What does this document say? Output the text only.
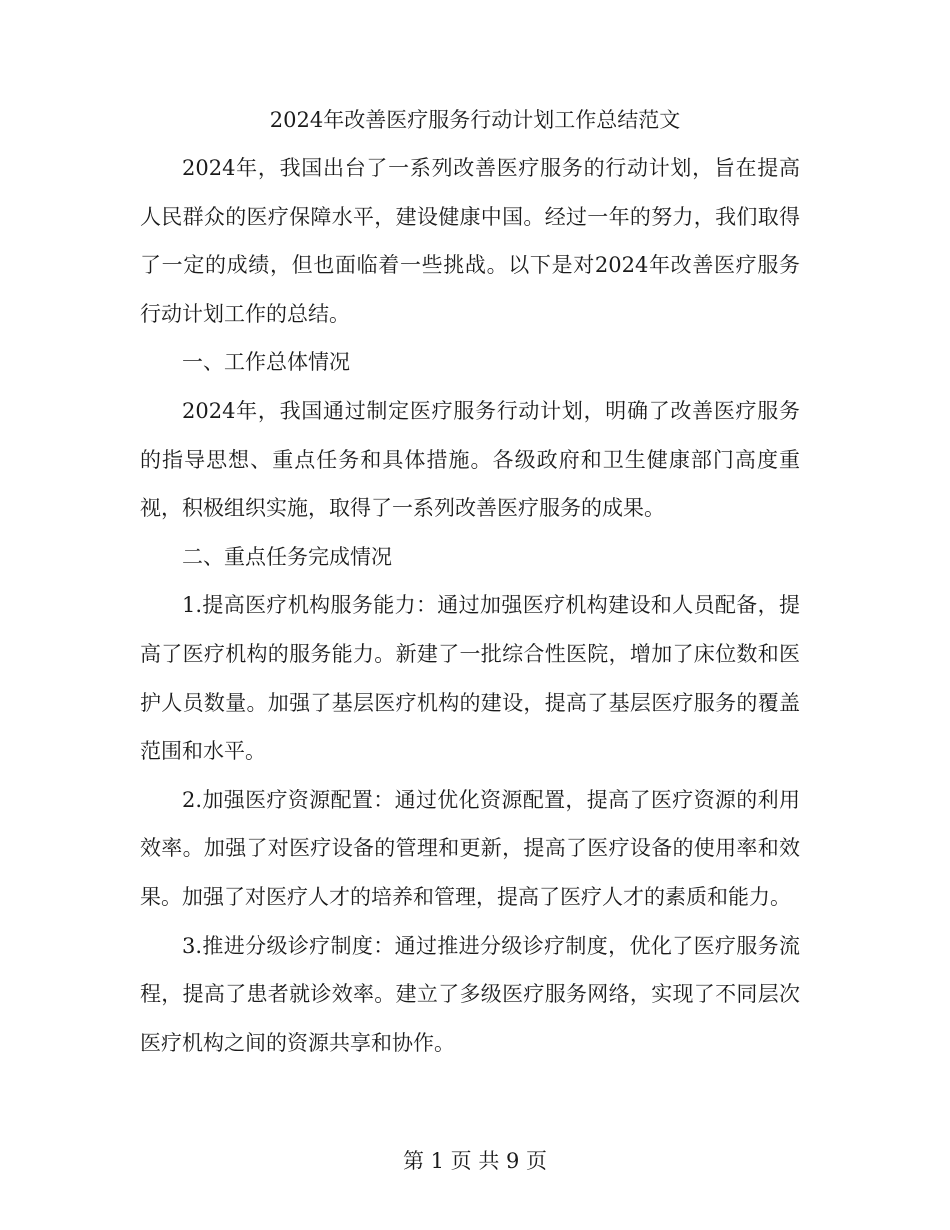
2024年改善医疗服务行动计划工作总结范文

2024年，我国出台了一系列改善医疗服务的行动计划，旨在提高人民群众的医疗保障水平，建设健康中国。经过一年的努力，我们取得了一定的成绩，但也面临着一些挑战。以下是对2024年改善医疗服务行动计划工作的总结。

一、工作总体情况

2024年，我国通过制定医疗服务行动计划，明确了改善医疗服务的指导思想、重点任务和具体措施。各级政府和卫生健康部门高度重视，积极组织实施，取得了一系列改善医疗服务的成果。

二、重点任务完成情况

1.提高医疗机构服务能力：通过加强医疗机构建设和人员配备，提高了医疗机构的服务能力。新建了一批综合性医院，增加了床位数和医护人员数量。加强了基层医疗机构的建设，提高了基层医疗服务的覆盖范围和水平。

2.加强医疗资源配置：通过优化资源配置，提高了医疗资源的利用效率。加强了对医疗设备的管理和更新，提高了医疗设备的使用率和效果。加强了对医疗人才的培养和管理，提高了医疗人才的素质和能力。

3.推进分级诊疗制度：通过推进分级诊疗制度，优化了医疗服务流程，提高了患者就诊效率。建立了多级医疗服务网络，实现了不同层次医疗机构之间的资源共享和协作。

第 1 页 共 9 页
